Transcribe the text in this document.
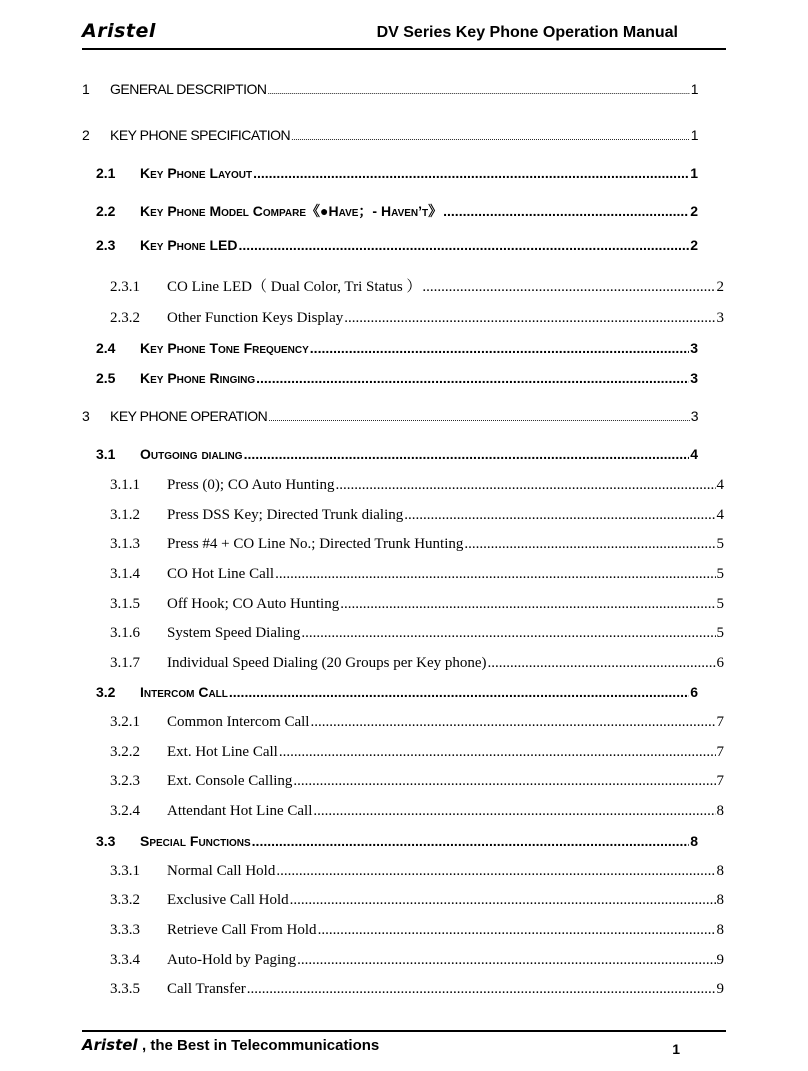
Aristel	DV Series Key Phone Operation Manual
1	GENERAL DESCRIPTION .....	1
2	KEY PHONE SPECIFICATION .....	1
2.1	Key Phone Layout .....	1
2.2	Key Phone Model Compare《●Have；- Haven’t》 .....	2
2.3	Key Phone LED .....	2
2.3.1	CO Line LED（ Dual Color, Tri Status ） .....	2
2.3.2	Other Function Keys Display .....	3
2.4	Key Phone Tone Frequency .....	3
2.5	Key Phone Ringing .....	3
3	KEY PHONE OPERATION .....	3
3.1	Outgoing dialing .....	4
3.1.1	Press (0); CO Auto Hunting .....	4
3.1.2	Press DSS Key; Directed Trunk dialing .....	4
3.1.3	Press #4 + CO Line No.; Directed Trunk Hunting .....	5
3.1.4	CO Hot Line Call .....	5
3.1.5	Off Hook; CO Auto Hunting .....	5
3.1.6	System Speed Dialing .....	5
3.1.7	Individual Speed Dialing (20 Groups per Key phone) .....	6
3.2	Intercom Call .....	6
3.2.1	Common Intercom Call .....	7
3.2.2	Ext. Hot Line Call .....	7
3.2.3	Ext. Console Calling .....	7
3.2.4	Attendant Hot Line Call .....	8
3.3	Special Functions .....	8
3.3.1	Normal Call Hold .....	8
3.3.2	Exclusive Call Hold .....	8
3.3.3	Retrieve Call From Hold .....	8
3.3.4	Auto-Hold by Paging .....	9
3.3.5	Call Transfer .....	9
Aristel , the Best in Telecommunications	1
